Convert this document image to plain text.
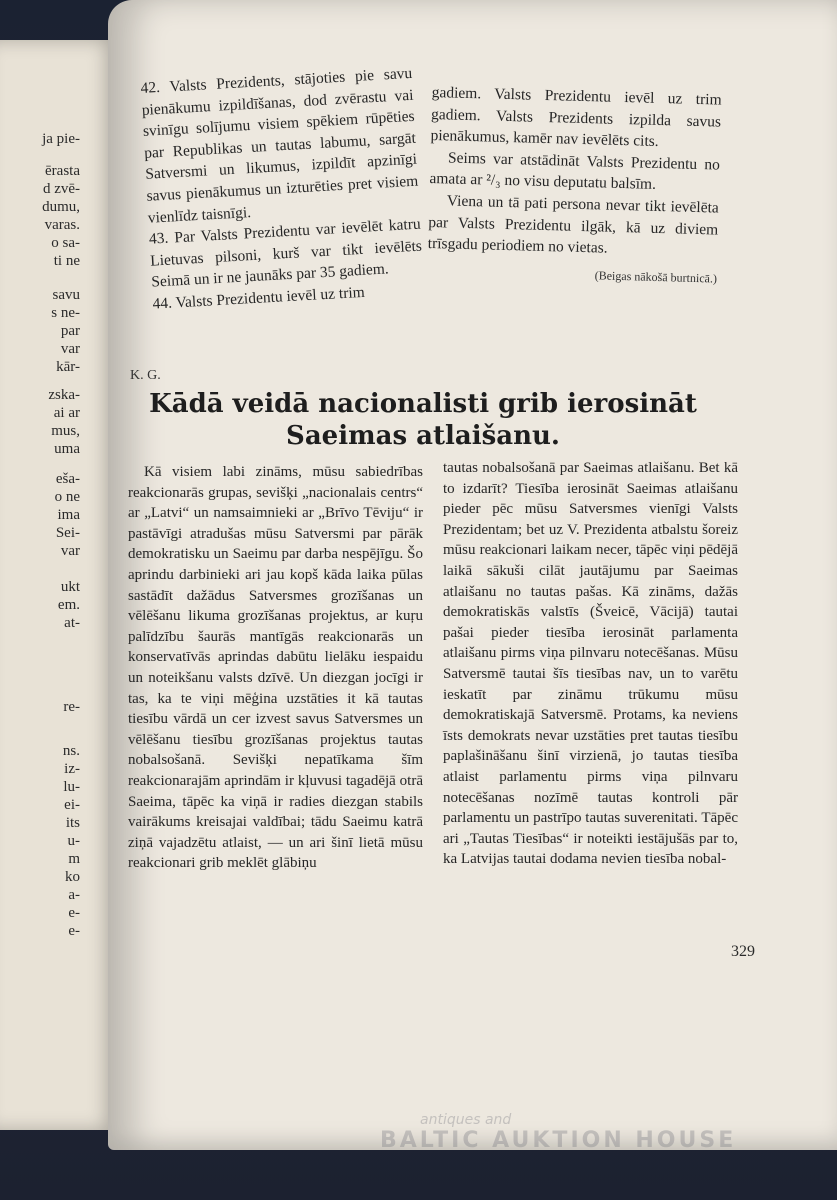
ja pie-
ērasta
d zvē-
dumu,
varas.
o sa-
ti ne
savu
s ne-
par
var
kār-
zska-
ai ar
mus,
uma
eša-
o ne
ima
Sei-
var
ukt
em.
at-
re-
ns.
iz-
lu-
ei-
its
u-
m
ko
a-
e-
e-

42. Valsts Prezidents, stājoties pie savu pienākumu izpildīšanas, dod zvērastu vai svinīgu solījumu visiem spēkiem rūpēties par Republikas un tautas labumu, sargāt Satversmi un likumus, izpildīt apzinīgi savus pienākumus un izturēties pret visiem vienlīdz taisnīgi.
43. Par Valsts Prezidentu var ievēlēt katru Lietuvas pilsoni, kurš var tikt ievēlēts Seimā un ir ne jaunāks par 35 gadiem.
44. Valsts Prezidentu ievēl uz trim

gadiem. Valsts Prezidentu ievēl uz trim gadiem. Valsts Prezidents izpilda savus pienākumus, kamēr nav ievēlēts cits.

Seims var atstādināt Valsts Prezidentu no amata ar ²/₃ no visu deputatu balsīm.

Viena un tā pati persona nevar tikt ievēlēta par Valsts Prezidentu ilgāk, kā uz diviem trīsgadu periodiem no vietas.

(Beigas nākošā burtnicā.)
K. G.
Kādā veidā nacionalisti grib ierosināt Saeimas atlaišanu.

Kā visiem labi zināms, mūsu sabiedrības reakcionarās grupas, sevišķi „nacionalais centrs“ ar „Latvi“ un namsaimnieki ar „Brīvo Tēviju“ ir pastāvīgi atradušas mūsu Satversmi par pārāk demokratisku un Saeimu par darba nespējīgu. Šo aprindu darbinieki ari jau kopš kāda laika pūlas sastādīt dažādus Satversmes grozīšanas un vēlēšanu likuma grozīšanas projektus, ar kuŗu palīdzību šaurās mantīgās reakcionarās un konservatīvās aprindas dabūtu lielāku iespaidu un noteikšanu valsts dzīvē. Un diezgan jocīgi ir tas, ka te viņi mēģina uzstāties it kā tautas tiesību vārdā un cer izvest savus Satversmes un vēlēšanu tiesību grozīšanas projektus tautas nobalsošanā. Sevišķi nepatīkama šīm reakcionarajām aprindām ir kļuvusi tagadējā otrā Saeima, tāpēc ka viņā ir radies diezgan stabils vairākums kreisajai valdībai; tādu Saeimu katrā ziņā vajadzētu atlaist, — un ari šinī lietā mūsu reakcionari grib meklēt glābiņu

tautas nobalsošanā par Saeimas atlaišanu. Bet kā to izdarīt? Tiesība ierosināt Saeimas atlaišanu pieder pēc mūsu Satversmes vienīgi Valsts Prezidentam; bet uz V. Prezidenta atbalstu šoreiz mūsu reakcionari laikam necer, tāpēc viņi pēdējā laikā sākuši cilāt jautājumu par Saeimas atlaišanu no tautas pašas. Kā zināms, dažās demokratiskās valstīs (Šveicē, Vācijā) tautai pašai pieder tiesība ierosināt parlamenta atlaišanu pirms viņa pilnvaru notecēšanas. Mūsu Satversmē tautai šīs tiesības nav, un to varētu ieskatīt par zināmu trūkumu mūsu demokratiskajā Satversmē. Protams, ka neviens īsts demokrats nevar uzstāties pret tautas tiesību paplašināšanu šinī virzienā, jo tautas tiesība atlaist parlamentu pirms viņa pilnvaru notecēšanas nozīmē tautas kontroli pār parlamentu un pastrīpo tautas suverenitati. Tāpēc ari „Tautas Tiesības“ ir noteikti iestājušās par to, ka Latvijas tautai dodama nevien tiesība nobal-

329
antiques and
BALTIC AUKTION HOUSE
